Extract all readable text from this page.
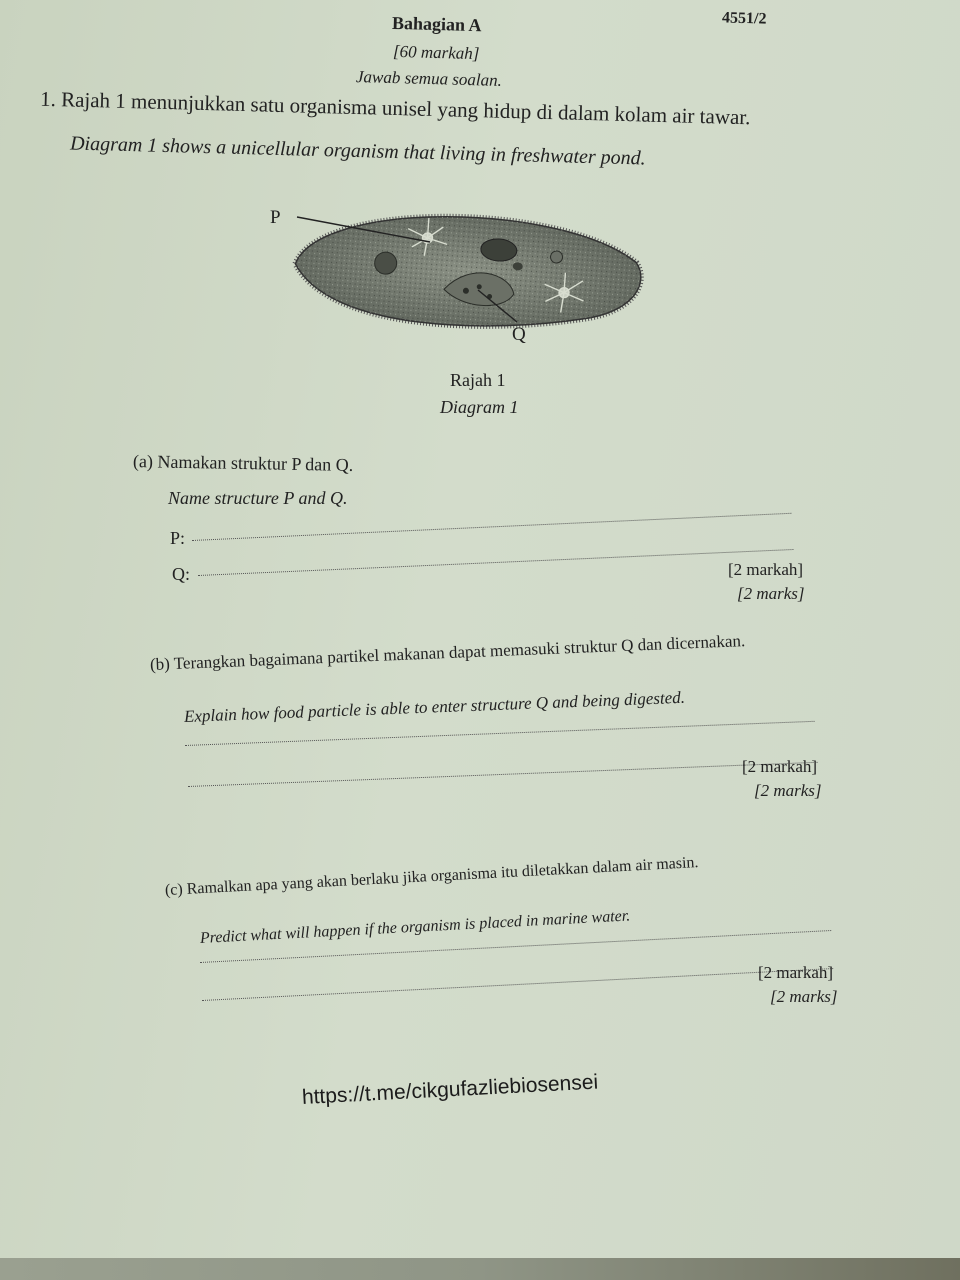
4551/2
Bahagian A
[60 markah]
Jawab semua soalan.
1. Rajah 1 menunjukkan satu organisma unisel yang hidup di dalam kolam air tawar.
Diagram 1 shows a unicellular organism that living in freshwater pond.
P
Q
Rajah 1
Diagram 1
(a) Namakan struktur P dan Q.
Name structure P and Q.
P:
Q:	[2 markah]
[2 marks]
(b) Terangkan bagaimana partikel makanan dapat memasuki struktur Q dan dicernakan.
Explain how food particle is able to enter structure Q and being digested.
[2 markah]
[2 marks]
(c) Ramalkan apa yang akan berlaku jika organisma itu diletakkan dalam air masin.
Predict what will happen if the organism is placed in marine water.
[2 markah]
[2 marks]
https://t.me/cikgufazliebiosensei
